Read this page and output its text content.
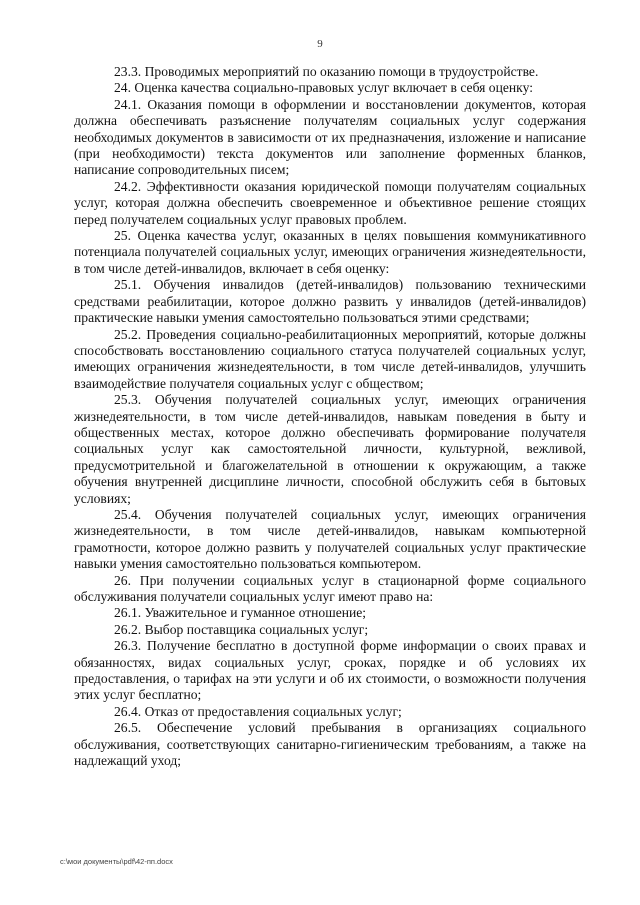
9

23.3. Проводимых мероприятий по оказанию помощи в трудоустройстве.

24. Оценка качества социально-правовых услуг включает в себя оценку:

24.1. Оказания помощи в оформлении и восстановлении документов, которая должна обеспечивать разъяснение получателям социальных услуг содержания необходимых документов в зависимости от их предназначения, изложение и написание (при необходимости) текста документов или заполнение форменных бланков, написание сопроводительных писем;

24.2. Эффективности оказания юридической помощи получателям социальных услуг, которая должна обеспечить своевременное и объективное решение стоящих перед получателем социальных услуг правовых проблем.

25. Оценка качества услуг, оказанных в целях повышения коммуникативного потенциала получателей социальных услуг, имеющих ограничения жизнедеятельности, в том числе детей-инвалидов, включает в себя оценку:

25.1. Обучения инвалидов (детей-инвалидов) пользованию техническими средствами реабилитации, которое должно развить у инвалидов (детей-инвалидов) практические навыки умения самостоятельно пользоваться этими средствами;

25.2. Проведения социально-реабилитационных мероприятий, которые должны способствовать восстановлению социального статуса получателей социальных услуг, имеющих ограничения жизнедеятельности, в том числе детей-инвалидов, улучшить взаимодействие получателя социальных услуг с обществом;

25.3. Обучения получателей социальных услуг, имеющих ограничения жизнедеятельности, в том числе детей-инвалидов, навыкам поведения в быту и общественных местах, которое должно обеспечивать формирование получателя социальных услуг как самостоятельной личности, культурной, вежливой, предусмотрительной и благожелательной в отношении к окружающим, а также обучения внутренней дисциплине личности, способной обслужить себя в бытовых условиях;

25.4. Обучения получателей социальных услуг, имеющих ограничения жизнедеятельности, в том числе детей-инвалидов, навыкам компьютерной грамотности, которое должно развить у получателей социальных услуг практические навыки умения самостоятельно пользоваться компьютером.

26. При получении социальных услуг в стационарной форме социального обслуживания получатели социальных услуг имеют право на:

26.1. Уважительное и гуманное отношение;

26.2. Выбор поставщика социальных услуг;

26.3. Получение бесплатно в доступной форме информации о своих правах и обязанностях, видах социальных услуг, сроках, порядке и об условиях их предоставления, о тарифах на эти услуги и об их стоимости, о возможности получения этих услуг бесплатно;

26.4. Отказ от предоставления социальных услуг;

26.5. Обеспечение условий пребывания в организациях социального обслуживания, соответствующих санитарно-гигиеническим требованиям, а также на надлежащий уход;

c:\мои документы\pdf\42-пп.docx
